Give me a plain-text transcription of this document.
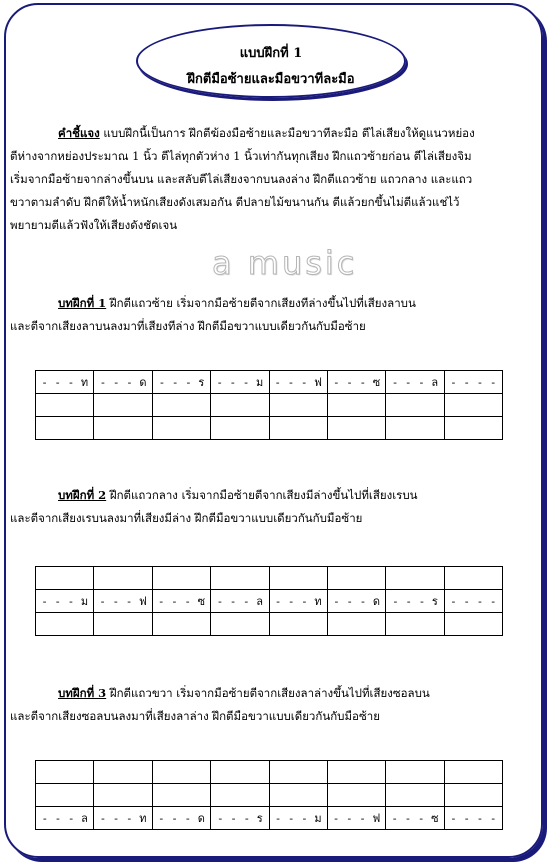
แบบฝึกที่ 1
ฝึกตีมือซ้ายและมือขวาทีละมือ
คำชี้แจง แบบฝึกนี้เป็นการ ฝึกตีฆ้องมือซ้ายและมือขวาทีละมือ ตีไล่เสียงให้ดูแนวหย่อง
ตีห่างจากหย่องประมาณ 1 นิ้ว ตีไล่ทุกตัวห่าง 1 นิ้วเท่ากันทุกเสียง ฝึกแถวซ้ายก่อน ตีไล่เสียงจิม
เริ่มจากมือซ้ายจากล่างขึ้นบน และสลับตีไล่เสียงจากบนลงล่าง ฝึกตีแถวซ้าย แถวกลาง และแถว
ขวาตามลำดับ ฝึกตีให้น้ำหนักเสียงดังเสมอกัน ตีปลายไม้ขนานกัน ตีแล้วยกขึ้นไม่ตีแล้วแช่ไว้
พยายามตีแล้วฟังให้เสียงดังชัดเจน
a music
บทฝึกที่ 1 ฝึกตีแถวซ้าย เริ่มจากมือซ้ายตีจากเสียงทีล่างขึ้นไปที่เสียงลาบน
และตีจากเสียงลาบนลงมาที่เสียงทีล่าง ฝึกตีมือขวาแบบเดียวกันกับมือซ้าย
- - - ท	- - - ด	- - - ร	- - - ม	- - - ฟ	- - - ซ	- - - ล	- - - -

บทฝึกที่ 2 ฝึกตีแถวกลาง เริ่มจากมือซ้ายตีจากเสียงมีล่างขึ้นไปที่เสียงเรบน
และตีจากเสียงเรบนลงมาที่เสียงมีล่าง ฝึกตีมือขวาแบบเดียวกันกับมือซ้าย

- - - ม	- - - ฟ	- - - ซ	- - - ล	- - - ท	- - - ด	- - - ร	- - - -

บทฝึกที่ 3 ฝึกตีแถวขวา เริ่มจากมือซ้ายตีจากเสียงลาล่างขึ้นไปที่เสียงซอลบน
และตีจากเสียงซอลบนลงมาที่เสียงลาล่าง ฝึกตีมือขวาแบบเดียวกันกับมือซ้าย

- - - ล	- - - ท	- - - ด	- - - ร	- - - ม	- - - ฟ	- - - ซ	- - - -
